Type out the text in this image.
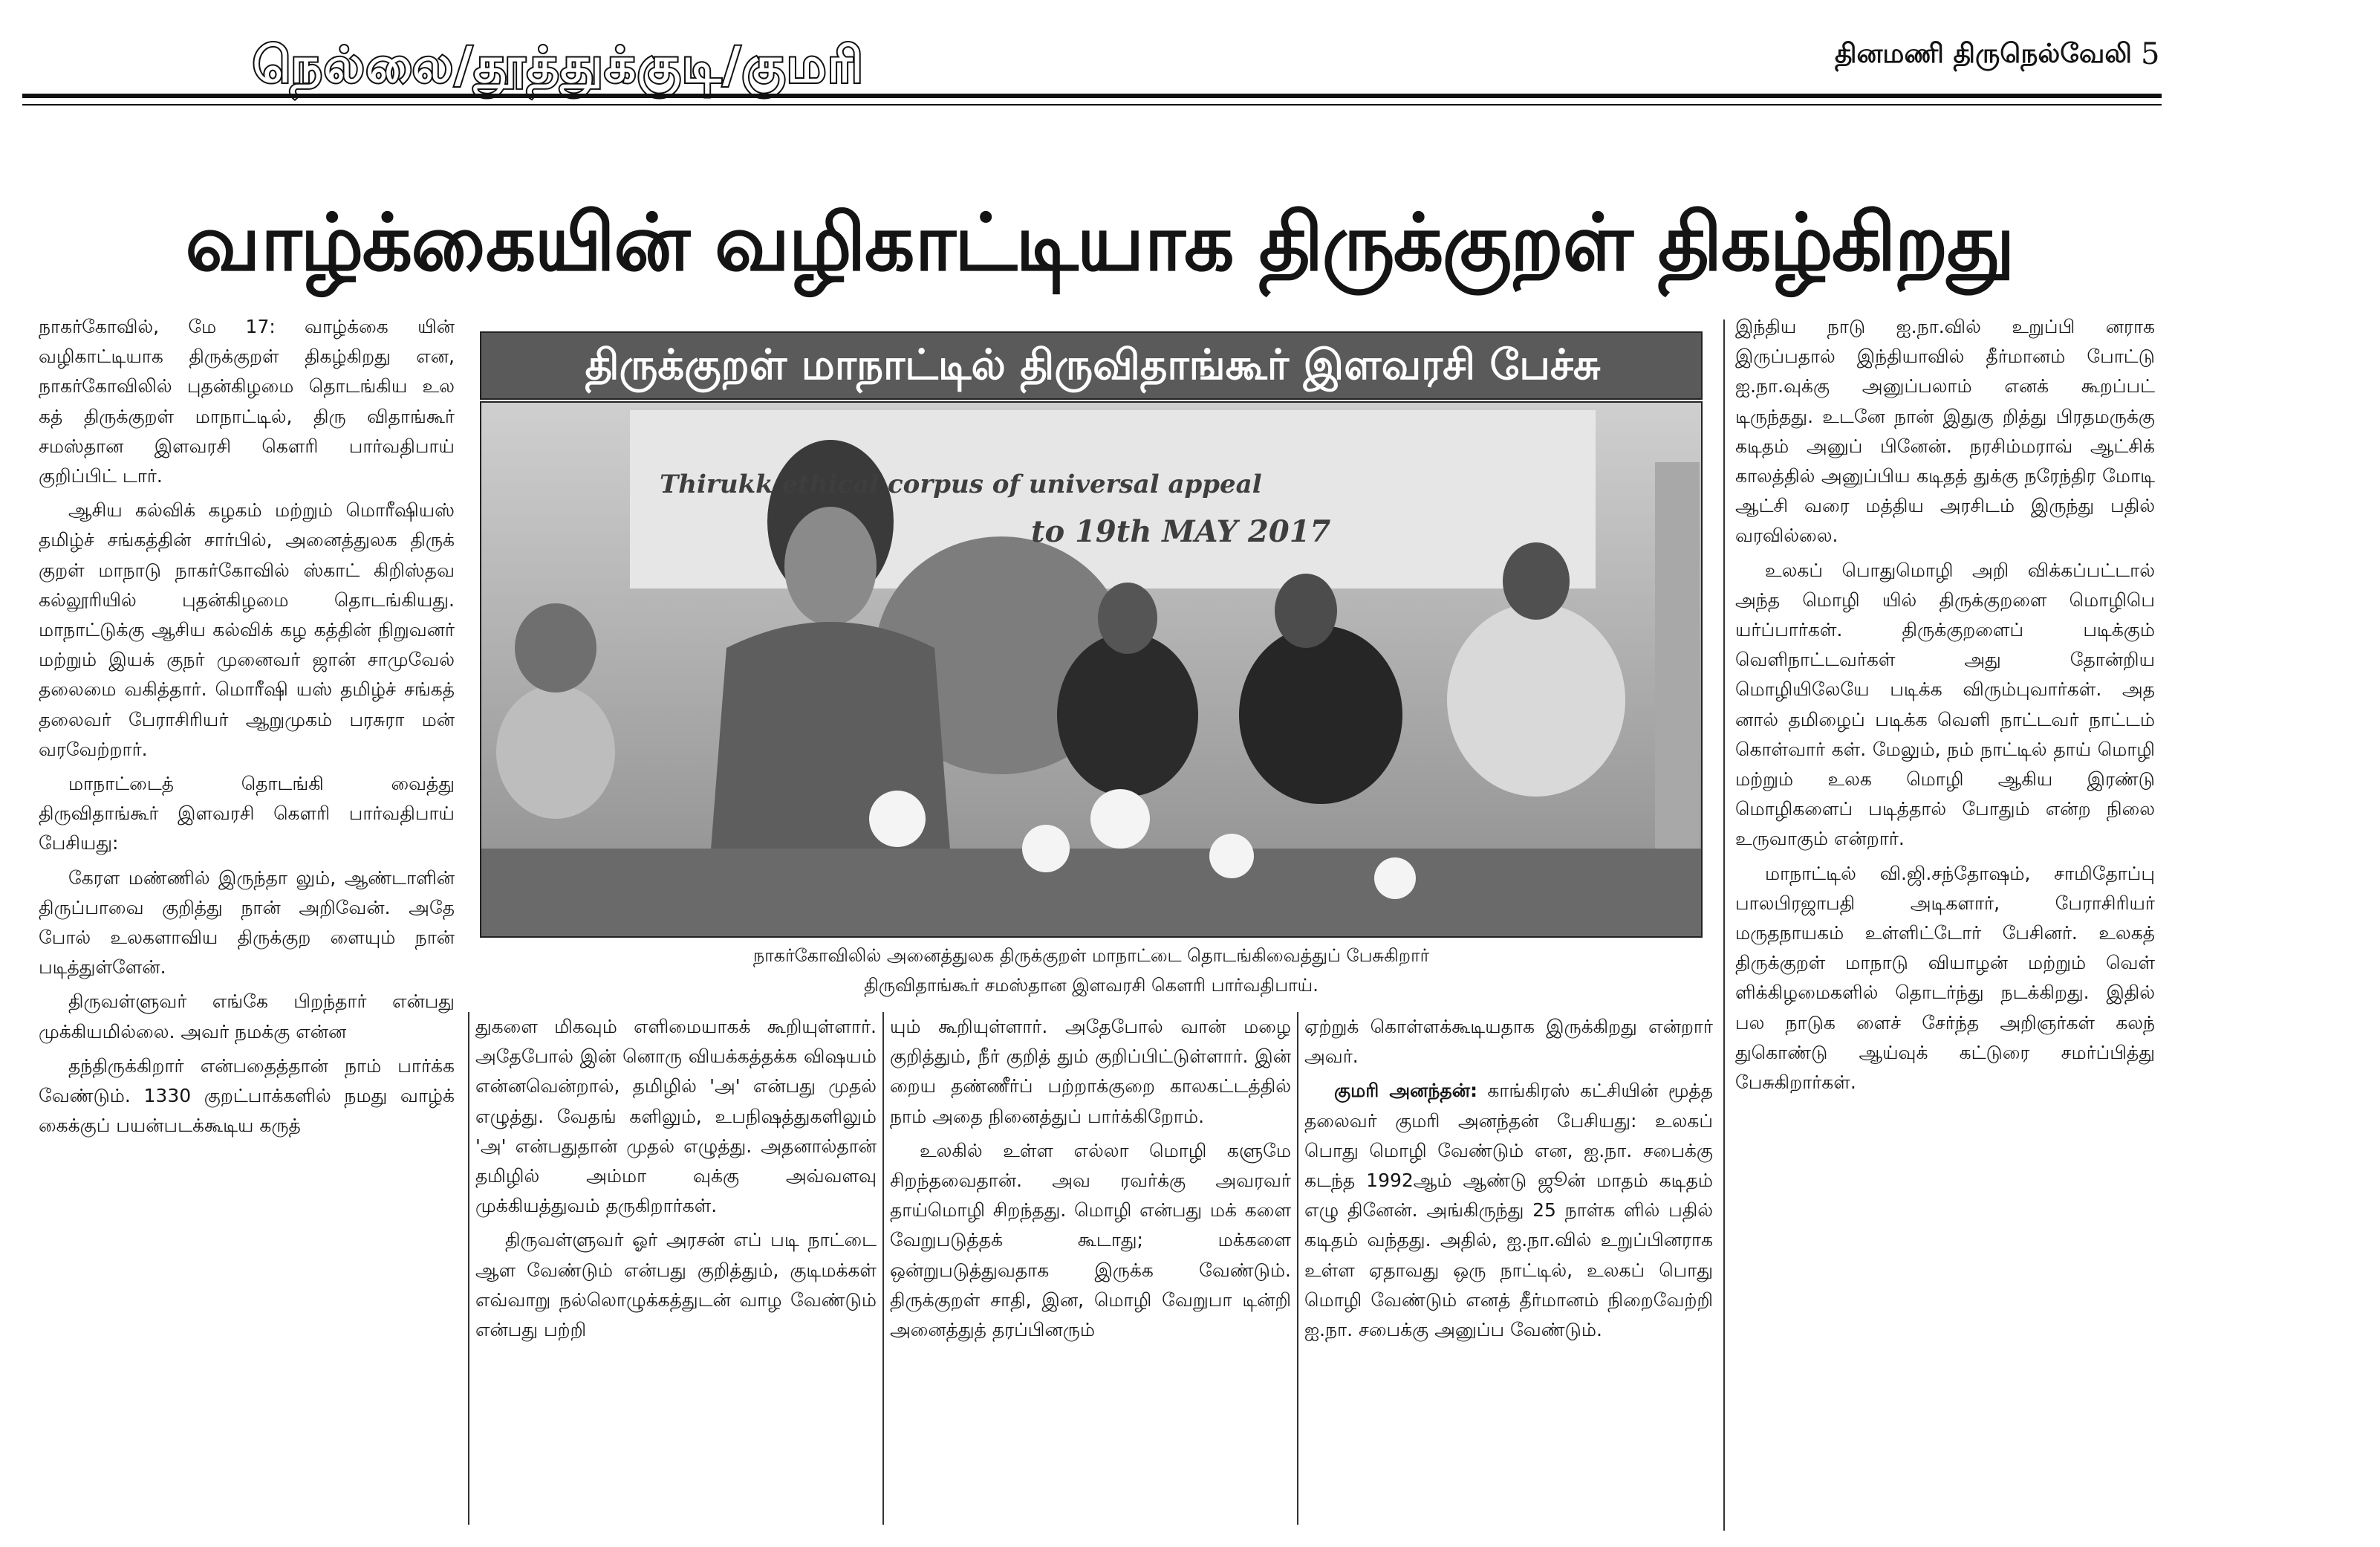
நெல்லை/தூத்துக்குடி/குமரி	தினமணி திருநெல்வேலி 5
வாழ்க்கையின் வழிகாட்டியாக திருக்குறள் திகழ்கிறது
திருக்குறள் மாநாட்டில் திருவிதாங்கூர் இளவரசி பேச்சு
Thirukk ethical corpus of universal appeal
to 19th MAY 2017
நாகர்கோவிலில் அனைத்துலக திருக்குறள் மாநாட்டை தொடங்கிவைத்துப் பேசுகிறார்
திருவிதாங்கூர் சமஸ்தான இளவரசி கௌரி பார்வதிபாய்.

நாகர்கோவில், மே 17: வாழ்க்கை யின் வழிகாட்டியாக திருக்குறள் திகழ்கிறது என, நாகர்கோவிலில் புதன்கிழமை தொடங்கிய உல கத் திருக்குறள் மாநாட்டில், திரு விதாங்கூர் சமஸ்தான இளவரசி கௌரி பார்வதிபாய் குறிப்பிட் டார்.

ஆசிய கல்விக் கழகம் மற்றும் மொரீஷியஸ் தமிழ்ச் சங்கத்தின் சார்பில், அனைத்துலக திருக் குறள் மாநாடு நாகர்கோவில் ஸ்காட் கிறிஸ்தவ கல்லூரியில் புதன்கிழமை தொடங்கியது. மாநாட்டுக்கு ஆசிய கல்விக் கழ கத்தின் நிறுவனர் மற்றும் இயக் குநர் முனைவர் ஜான் சாமுவேல் தலைமை வகித்தார். மொரீஷி யஸ் தமிழ்ச் சங்கத் தலைவர் பேராசிரியர் ஆறுமுகம் பரசுரா மன் வரவேற்றார்.

மாநாட்டைத் தொடங்கி வைத்து திருவிதாங்கூர் இளவரசி கௌரி பார்வதிபாய் பேசியது:

கேரள மண்ணில் இருந்தா லும், ஆண்டாளின் திருப்பாவை குறித்து நான் அறிவேன். அதே போல் உலகளாவிய திருக்குற ளையும் நான் படித்துள்ளேன்.

திருவள்ளுவர் எங்கே பிறந்தார் என்பது முக்கியமில்லை. அவர் நமக்கு என்ன

தந்திருக்கிறார் என்பதைத்தான் நாம் பார்க்க வேண்டும். 1330 குறட்பாக்களில் நமது வாழ்க் கைக்குப் பயன்படக்கூடிய கருத்

துகளை மிகவும் எளிமையாகக் கூறியுள்ளார். அதேபோல் இன் னொரு வியக்கத்தக்க விஷயம் என்னவென்றால், தமிழில் 'அ' என்பது முதல் எழுத்து. வேதங் களிலும், உபநிஷத்துகளிலும் 'அ' என்பதுதான் முதல் எழுத்து. அதனால்தான் தமிழில் அம்மா வுக்கு அவ்வளவு முக்கியத்துவம் தருகிறார்கள்.

திருவள்ளுவர் ஓர் அரசன் எப் படி நாட்டை ஆள வேண்டும் என்பது குறித்தும், குடிமக்கள் எவ்வாறு நல்லொழுக்கத்துடன் வாழ வேண்டும் என்பது பற்றி

யும் கூறியுள்ளார். அதேபோல் வான் மழை குறித்தும், நீர் குறித் தும் குறிப்பிட்டுள்ளார். இன் றைய தண்ணீர்ப் பற்றாக்குறை காலகட்டத்தில் நாம் அதை நினைத்துப் பார்க்கிறோம்.

உலகில் உள்ள எல்லா மொழி களுமே சிறந்தவைதான். அவ ரவர்க்கு அவரவர் தாய்மொழி சிறந்தது. மொழி என்பது மக் களை வேறுபடுத்தக் கூடாது; மக்களை ஒன்றுபடுத்துவதாக இருக்க வேண்டும். திருக்குறள் சாதி, இன, மொழி வேறுபா டின்றி அனைத்துத் தரப்பினரும்

ஏற்றுக் கொள்ளக்கூடியதாக இருக்கிறது என்றார் அவர்.

குமரி அனந்தன்: காங்கிரஸ் கட்சியின் மூத்த தலைவர் குமரி அனந்தன் பேசியது: உலகப் பொது மொழி வேண்டும் என, ஐ.நா. சபைக்கு கடந்த 1992ஆம் ஆண்டு ஜூன் மாதம் கடிதம் எழு தினேன். அங்கிருந்து 25 நாள்க ளில் பதில் கடிதம் வந்தது. அதில், ஐ.நா.வில் உறுப்பினராக உள்ள ஏதாவது ஒரு நாட்டில், உலகப் பொது மொழி வேண்டும் எனத் தீர்மானம் நிறைவேற்றி ஐ.நா. சபைக்கு அனுப்ப வேண்டும்.

இந்திய நாடு ஐ.நா.வில் உறுப்பி னராக இருப்பதால் இந்தியாவில் தீர்மானம் போட்டு ஐ.நா.வுக்கு அனுப்பலாம் எனக் கூறப்பட் டிருந்தது. உடனே நான் இதுகு றித்து பிரதமருக்கு கடிதம் அனுப் பினேன். நரசிம்மராவ் ஆட்சிக் காலத்தில் அனுப்பிய கடிதத் துக்கு நரேந்திர மோடி ஆட்சி வரை மத்திய அரசிடம் இருந்து பதில் வரவில்லை.

உலகப் பொதுமொழி அறி விக்கப்பட்டால் அந்த மொழி யில் திருக்குறளை மொழிபெ யர்ப்பார்கள். திருக்குறளைப் படிக்கும் வெளிநாட்டவர்கள் அது தோன்றிய மொழியிலேயே படிக்க விரும்புவார்கள். அத னால் தமிழைப் படிக்க வெளி நாட்டவர் நாட்டம் கொள்வார் கள். மேலும், நம் நாட்டில் தாய் மொழி மற்றும் உலக மொழி ஆகிய இரண்டு மொழிகளைப் படித்தால் போதும் என்ற நிலை உருவாகும் என்றார்.

மாநாட்டில் வி.ஜி.சந்தோஷம், சாமிதோப்பு பாலபிரஜாபதி அடிகளார், பேராசிரியர் மருதநாயகம் உள்ளிட்டோர் பேசினர். உலகத் திருக்குறள் மாநாடு வியாழன் மற்றும் வெள் ளிக்கிழமைகளில் தொடர்ந்து நடக்கிறது. இதில் பல நாடுக ளைச் சேர்ந்த அறிஞர்கள் கலந் துகொண்டு ஆய்வுக் கட்டுரை சமர்ப்பித்து பேசுகிறார்கள்.
